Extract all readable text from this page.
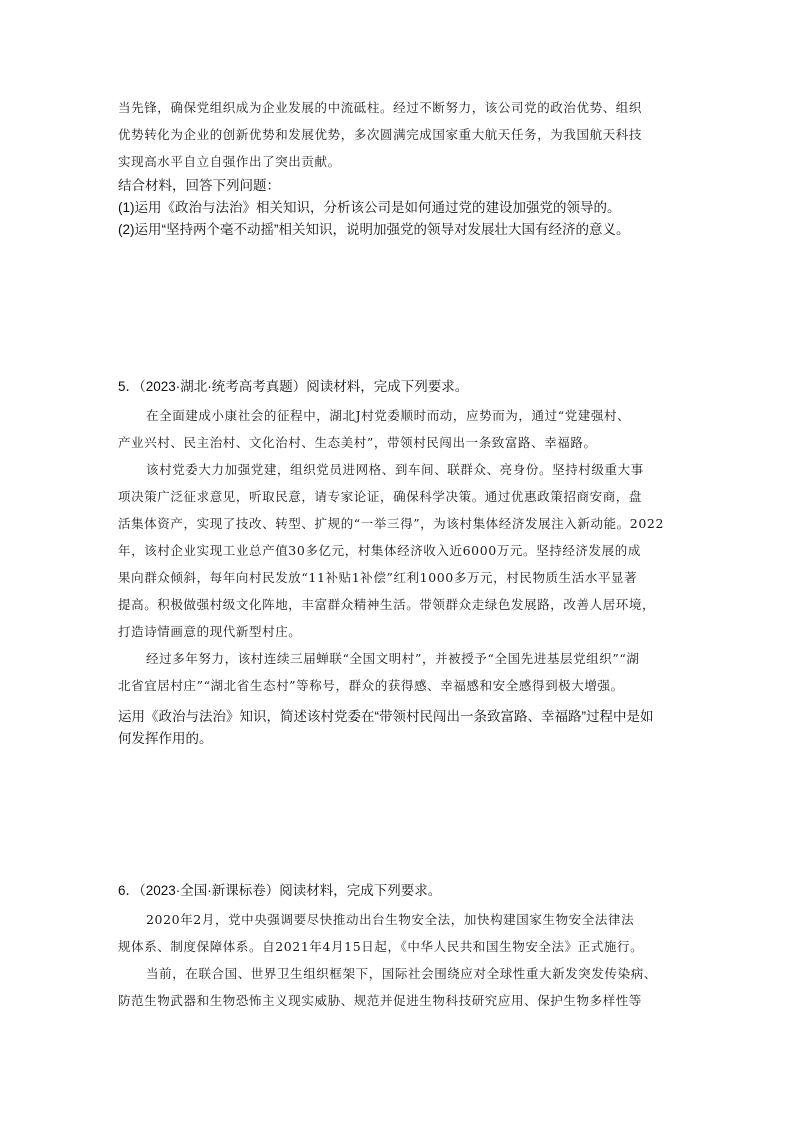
当先锋，确保党组织成为企业发展的中流砥柱。经过不断努力，该公司党的政治优势、组织
优势转化为企业的创新优势和发展优势，多次圆满完成国家重大航天任务，为我国航天科技
实现高水平自立自强作出了突出贡献。
结合材料，回答下列问题：
(1)运用《政治与法治》相关知识，分析该公司是如何通过党的建设加强党的领导的。
(2)运用“坚持两个毫不动摇”相关知识，说明加强党的领导对发展壮大国有经济的意义。
5．（2023·湖北·统考高考真题）阅读材料，完成下列要求。
在全面建成小康社会的征程中，湖北J村党委顺时而动，应势而为，通过“党建强村、
产业兴村、民主治村、文化治村、生态美村”，带领村民闯出一条致富路、幸福路。
该村党委大力加强党建，组织党员进网格、到车间、联群众、亮身份。坚持村级重大事
项决策广泛征求意见，听取民意，请专家论证，确保科学决策。通过优惠政策招商安商，盘
活集体资产，实现了技改、转型、扩规的“一举三得”，为该村集体经济发展注入新动能。2022
年，该村企业实现工业总产值30多亿元，村集体经济收入近6000万元。坚持经济发展的成
果向群众倾斜，每年向村民发放“11补贴1补偿”红利1000多万元，村民物质生活水平显著
提高。积极做强村级文化阵地，丰富群众精神生活。带领群众走绿色发展路，改善人居环境，
打造诗情画意的现代新型村庄。
经过多年努力，该村连续三届蝉联“全国文明村”，并被授予“全国先进基层党组织”“湖
北省宜居村庄”“湖北省生态村”等称号，群众的获得感、幸福感和安全感得到极大增强。
运用《政治与法治》知识，简述该村党委在“带领村民闯出一条致富路、幸福路”过程中是如
何发挥作用的。
6．（2023·全国·新课标卷）阅读材料，完成下列要求。
2020年2月，党中央强调要尽快推动出台生物安全法，加快构建国家生物安全法律法
规体系、制度保障体系。自2021年4月15日起，《中华人民共和国生物安全法》正式施行。
当前，在联合国、世界卫生组织框架下，国际社会围绕应对全球性重大新发突发传染病、
防范生物武器和生物恐怖主义现实威胁、规范并促进生物科技研究应用、保护生物多样性等
